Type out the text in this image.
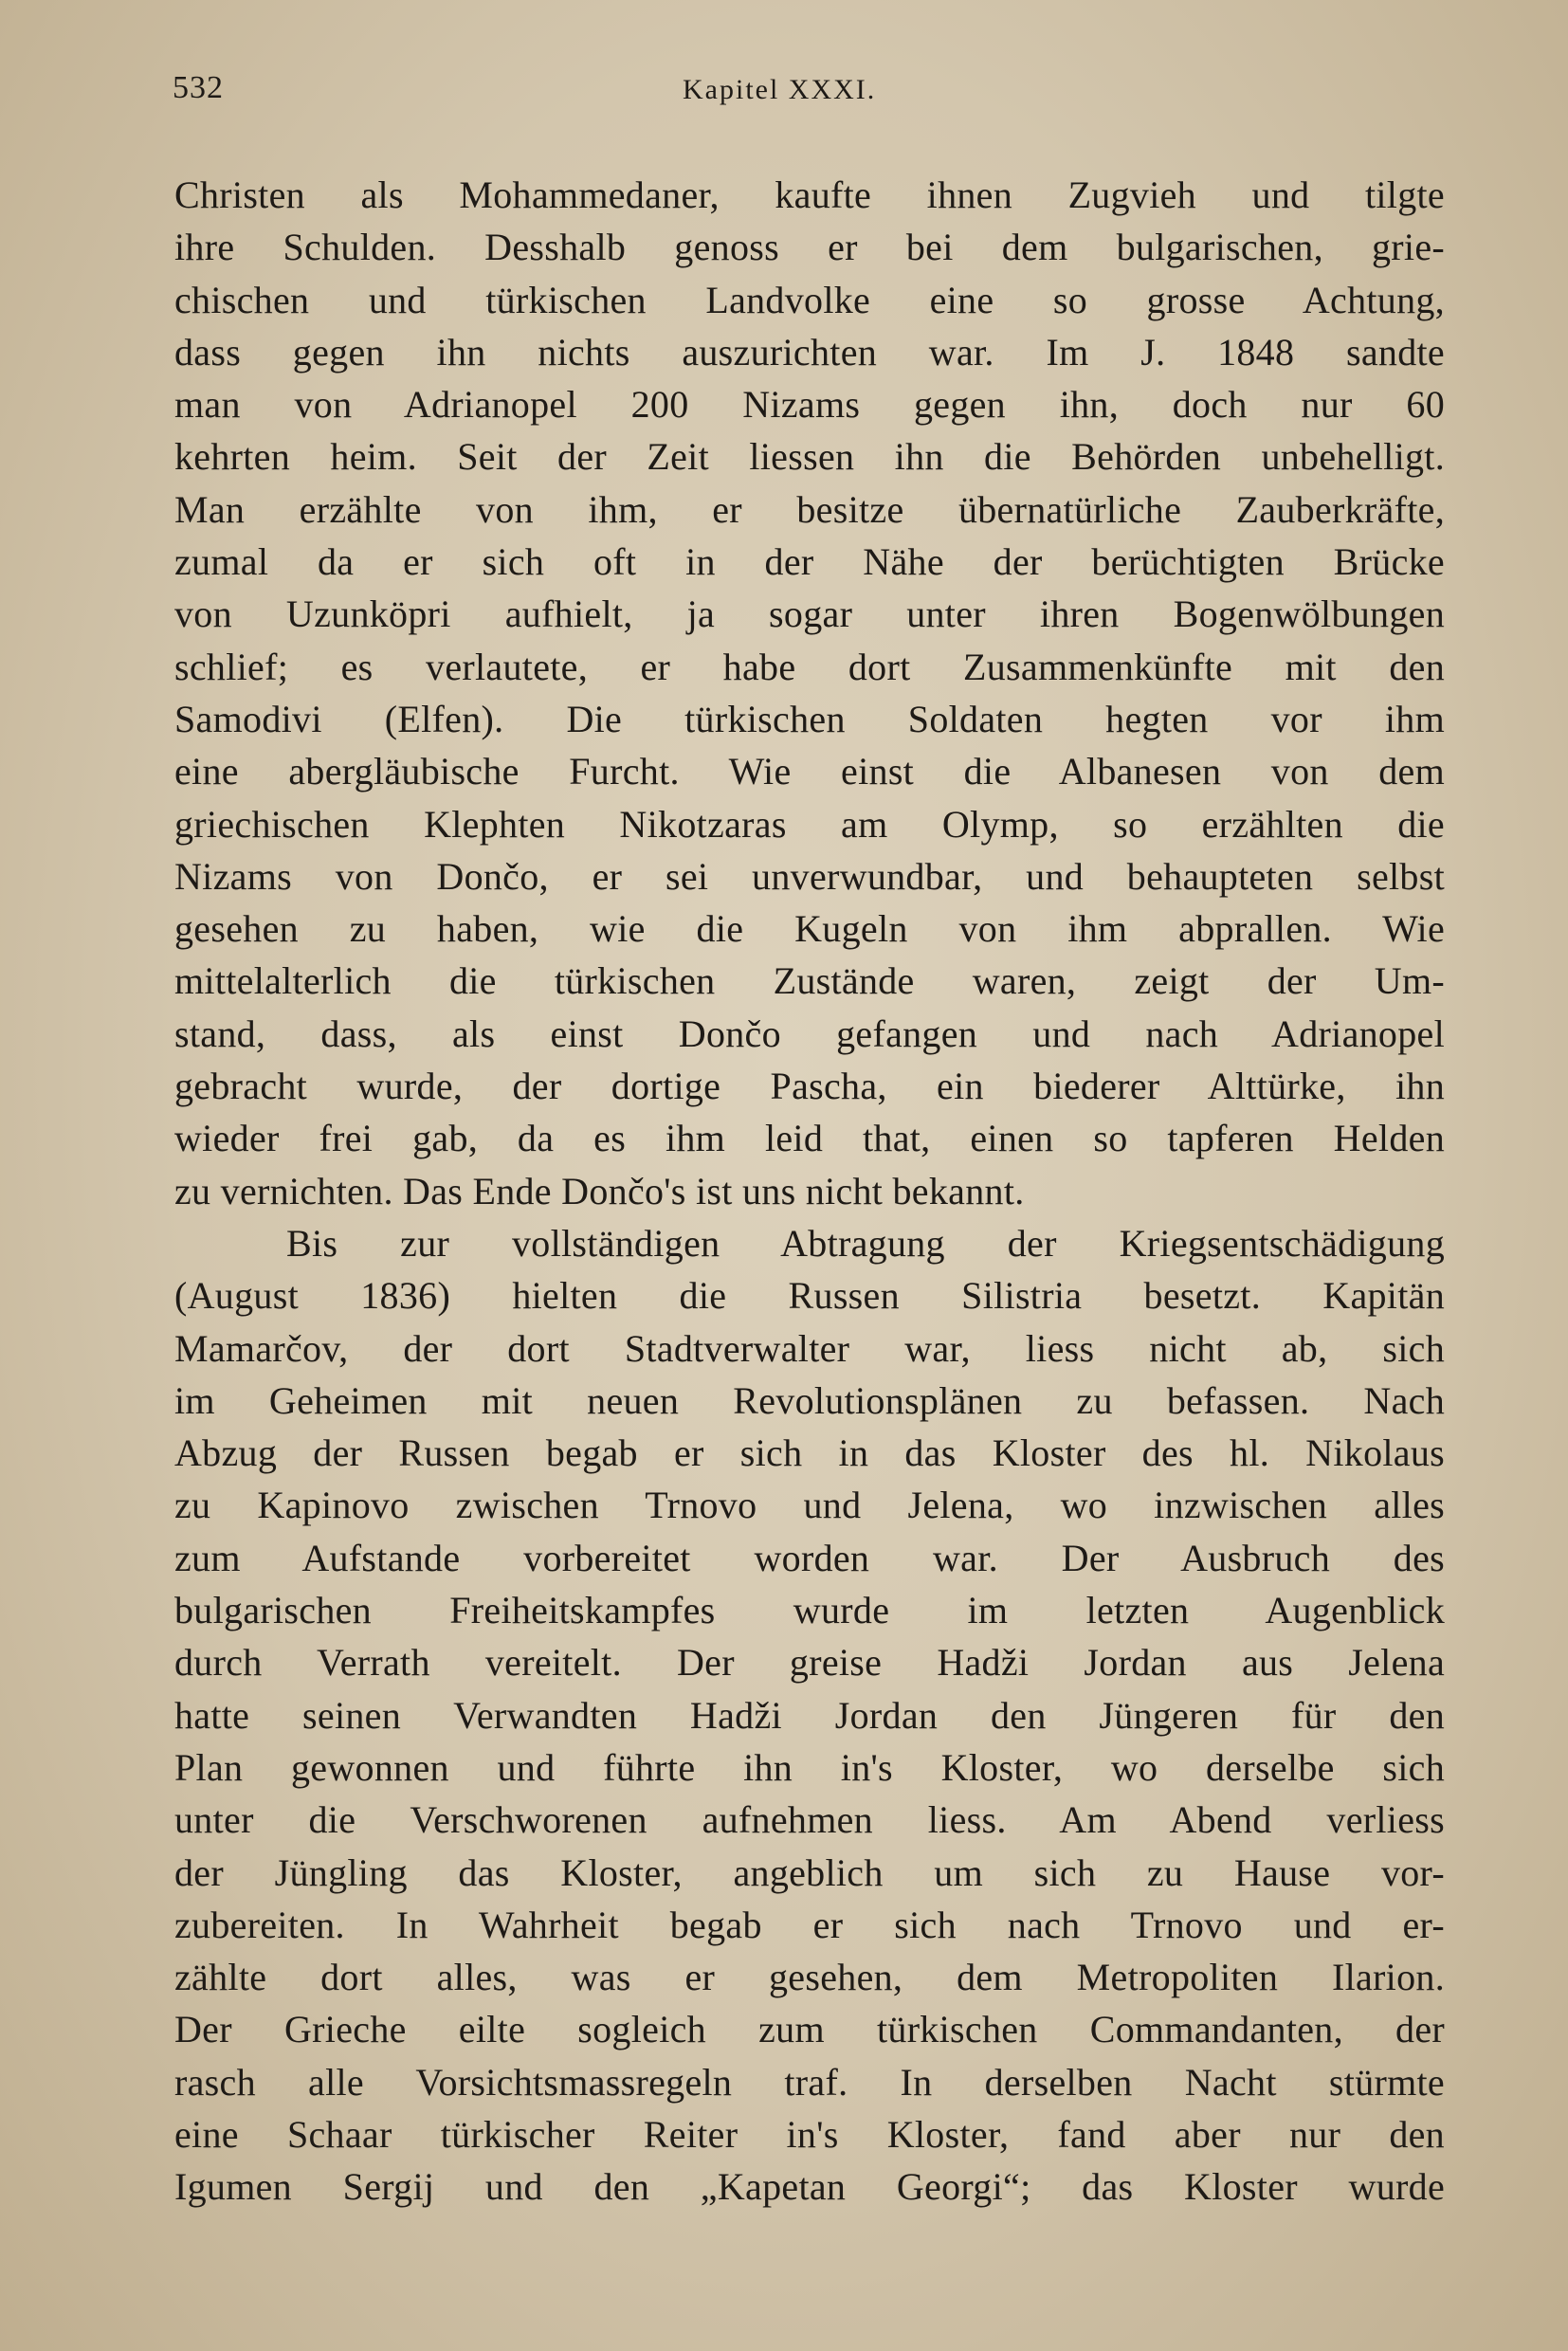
532	Kapitel XXXI.
Christen als Mohammedaner, kaufte ihnen Zugvieh und tilgte
ihre Schulden. Desshalb genoss er bei dem bulgarischen, grie-
chischen und türkischen Landvolke eine so grosse Achtung,
dass gegen ihn nichts auszurichten war. Im J. 1848 sandte
man von Adrianopel 200 Nizams gegen ihn, doch nur 60
kehrten heim. Seit der Zeit liessen ihn die Behörden unbehelligt.
Man erzählte von ihm, er besitze übernatürliche Zauberkräfte,
zumal da er sich oft in der Nähe der berüchtigten Brücke
von Uzunköpri aufhielt, ja sogar unter ihren Bogenwölbungen
schlief; es verlautete, er habe dort Zusammenkünfte mit den
Samodivi (Elfen). Die türkischen Soldaten hegten vor ihm
eine abergläubische Furcht. Wie einst die Albanesen von dem
griechischen Klephten Nikotzaras am Olymp, so erzählten die
Nizams von Dončo, er sei unverwundbar, und behaupteten selbst
gesehen zu haben, wie die Kugeln von ihm abprallen. Wie
mittelalterlich die türkischen Zustände waren, zeigt der Um-
stand, dass, als einst Dončo gefangen und nach Adrianopel
gebracht wurde, der dortige Pascha, ein biederer Alttürke, ihn
wieder frei gab, da es ihm leid that, einen so tapferen Helden
zu vernichten. Das Ende Dončo's ist uns nicht bekannt.
Bis zur vollständigen Abtragung der Kriegsentschädigung
(August 1836) hielten die Russen Silistria besetzt. Kapitän
Mamarčov, der dort Stadtverwalter war, liess nicht ab, sich
im Geheimen mit neuen Revolutionsplänen zu befassen. Nach
Abzug der Russen begab er sich in das Kloster des hl. Nikolaus
zu Kapinovo zwischen Trnovo und Jelena, wo inzwischen alles
zum Aufstande vorbereitet worden war. Der Ausbruch des
bulgarischen Freiheitskampfes wurde im letzten Augenblick
durch Verrath vereitelt. Der greise Hadži Jordan aus Jelena
hatte seinen Verwandten Hadži Jordan den Jüngeren für den
Plan gewonnen und führte ihn in's Kloster, wo derselbe sich
unter die Verschworenen aufnehmen liess. Am Abend verliess
der Jüngling das Kloster, angeblich um sich zu Hause vor-
zubereiten. In Wahrheit begab er sich nach Trnovo und er-
zählte dort alles, was er gesehen, dem Metropoliten Ilarion.
Der Grieche eilte sogleich zum türkischen Commandanten, der
rasch alle Vorsichtsmassregeln traf. In derselben Nacht stürmte
eine Schaar türkischer Reiter in's Kloster, fand aber nur den
Igumen Sergij und den „Kapetan Georgi“; das Kloster wurde
